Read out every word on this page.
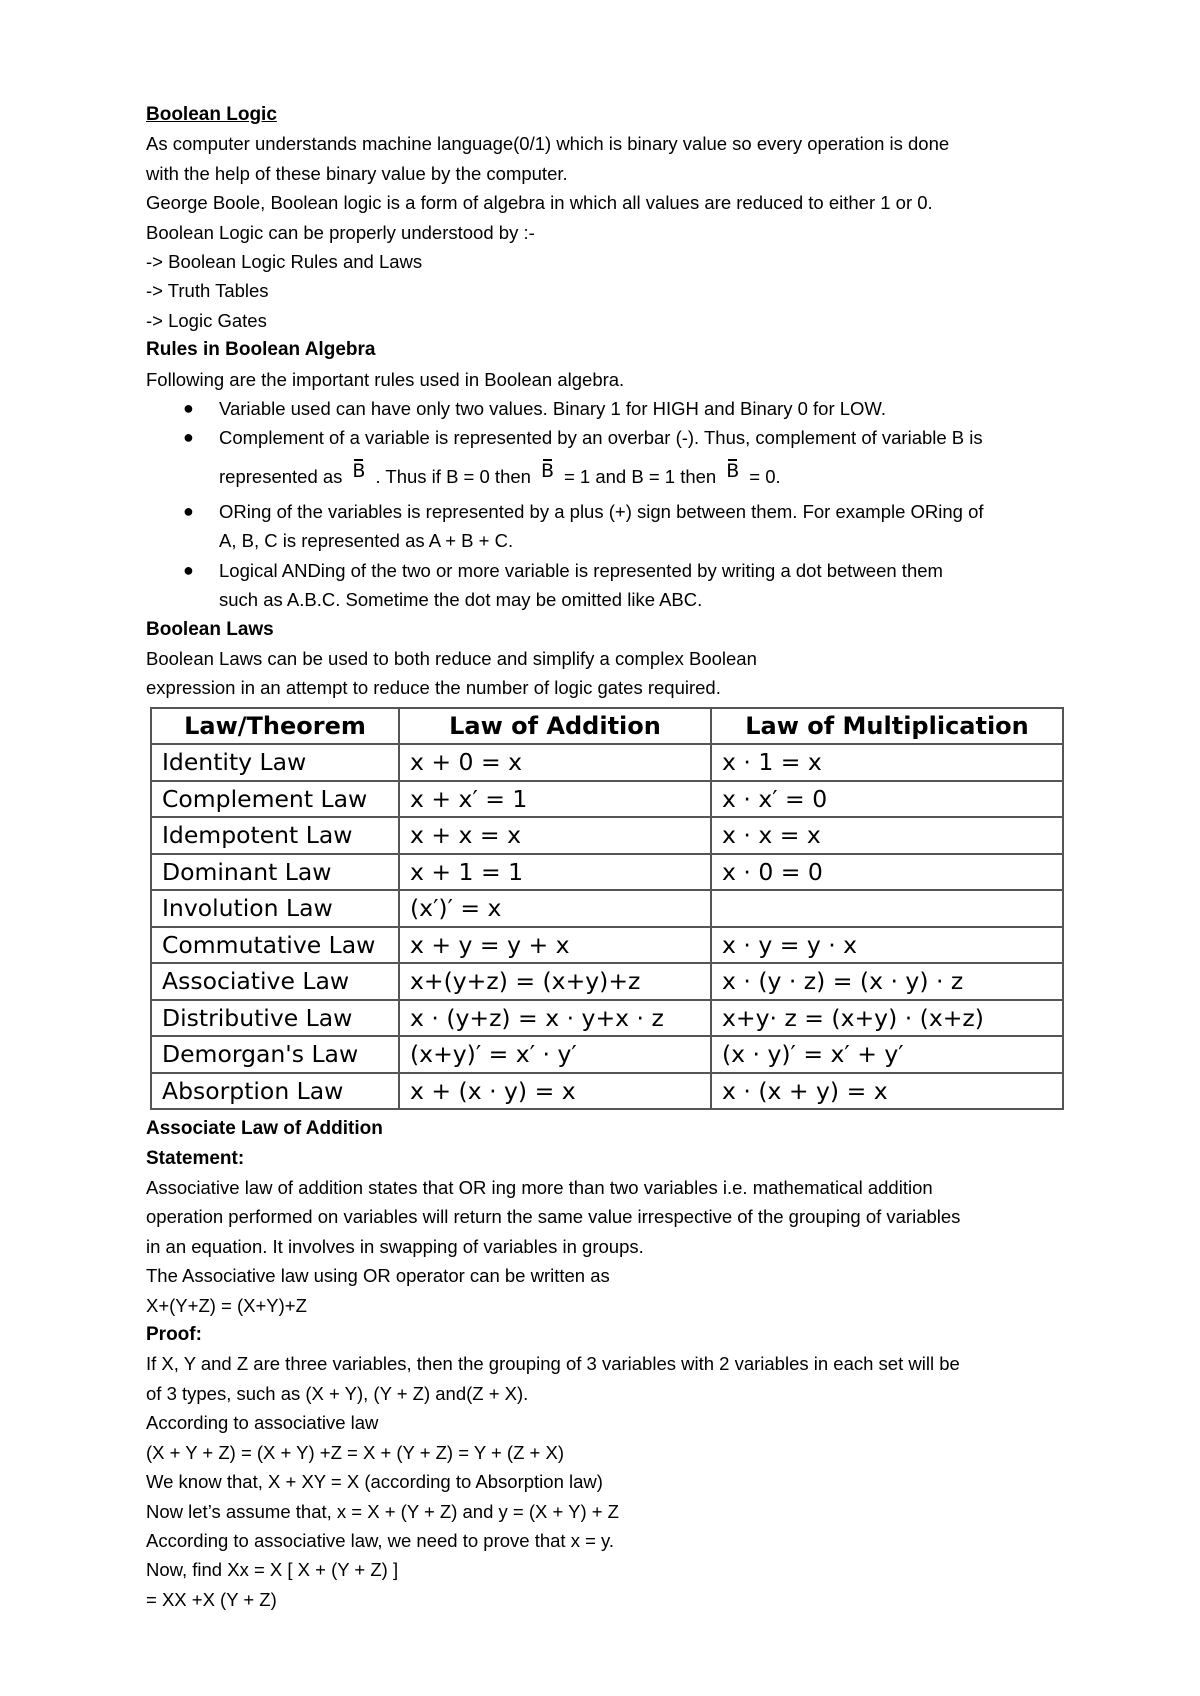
Boolean Logic
As computer understands machine language(0/1) which is binary value so every operation is done
with the help of these binary value by the computer.
George Boole, Boolean logic is a form of algebra in which all values are reduced to either 1 or 0.
Boolean Logic can be properly understood by :-
-> Boolean Logic Rules and Laws
-> Truth Tables
-> Logic Gates
Rules in Boolean Algebra
Following are the important rules used in Boolean algebra.
● Variable used can have only two values. Binary 1 for HIGH and Binary 0 for LOW.
● Complement of a variable is represented by an overbar (-). Thus, complement of variable B is
represented as B . Thus if B = 0 then B = 1 and B = 1 then B = 0.
● ORing of the variables is represented by a plus (+) sign between them. For example ORing of
A, B, C is represented as A + B + C.
● Logical ANDing of the two or more variable is represented by writing a dot between them
such as A.B.C. Sometime the dot may be omitted like ABC.
Boolean Laws
Boolean Laws can be used to both reduce and simplify a complex Boolean
expression in an attempt to reduce the number of logic gates required.
Law/Theorem	Law of Addition	Law of Multiplication
Identity Law	x + 0 = x	x · 1 = x
Complement Law	x + x′ = 1	x · x′ = 0
Idempotent Law	x + x = x	x · x = x
Dominant Law	x + 1 = 1	x · 0 = 0
Involution Law	(x′)′ = x	
Commutative Law	x + y = y + x	x · y = y · x
Associative Law	x+(y+z) = (x+y)+z	x · (y · z) = (x · y) · z
Distributive Law	x · (y+z) = x · y+x · z	x+y· z = (x+y) · (x+z)
Demorgan's Law	(x+y)′ = x′ · y′	(x · y)′ = x′ + y′
Absorption Law	x + (x · y) = x	x · (x + y) = x
Associate Law of Addition
Statement:
Associative law of addition states that OR ing more than two variables i.e. mathematical addition
operation performed on variables will return the same value irrespective of the grouping of variables
in an equation. It involves in swapping of variables in groups.
The Associative law using OR operator can be written as
X+(Y+Z) = (X+Y)+Z
Proof:
If X, Y and Z are three variables, then the grouping of 3 variables with 2 variables in each set will be
of 3 types, such as (X + Y), (Y + Z) and(Z + X).
According to associative law
(X + Y + Z) = (X + Y) +Z = X + (Y + Z) = Y + (Z + X)
We know that, X + XY = X (according to Absorption law)
Now let’s assume that, x = X + (Y + Z) and y = (X + Y) + Z
According to associative law, we need to prove that x = y.
Now, find Xx = X [ X + (Y + Z) ]
= XX +X (Y + Z)
